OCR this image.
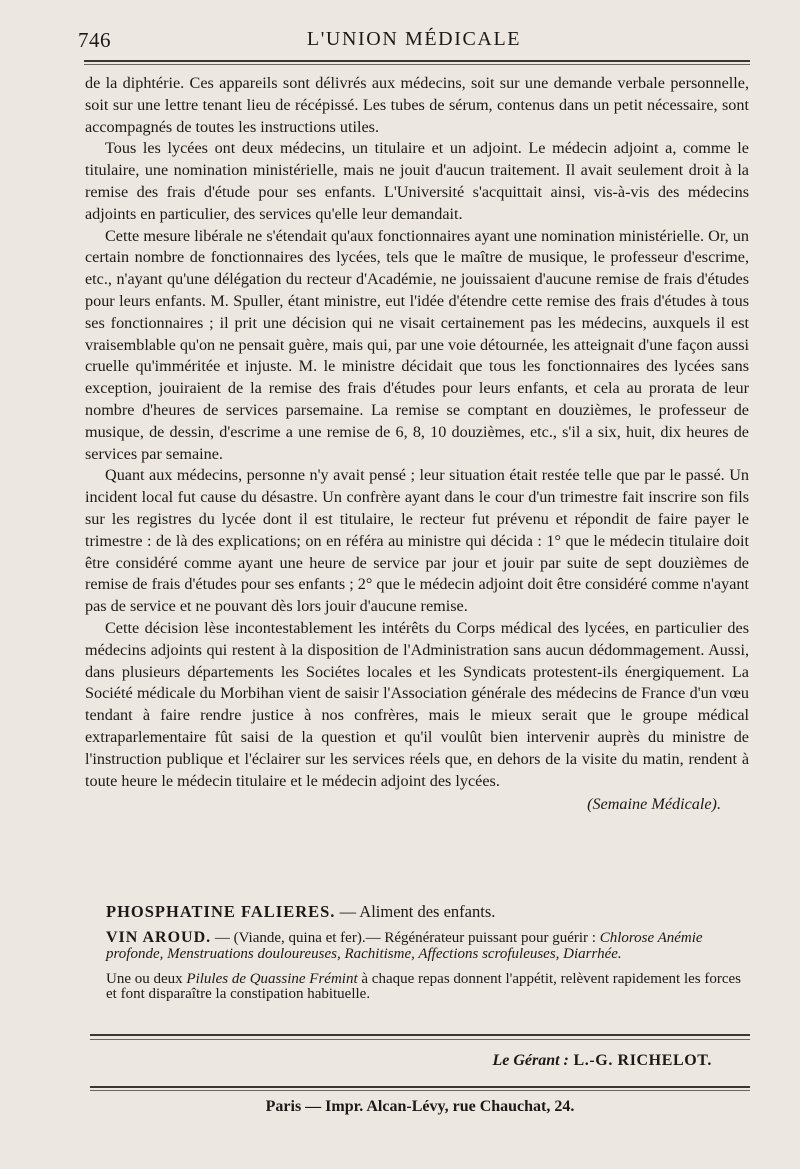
746	L'UNION MÉDICALE

de la diphtérie. Ces appareils sont délivrés aux médecins, soit sur une demande verbale personnelle, soit sur une lettre tenant lieu de récépissé. Les tubes de sérum, contenus dans un petit nécessaire, sont accompagnés de toutes les instructions utiles.

Tous les lycées ont deux médecins, un titulaire et un adjoint. Le médecin adjoint a, comme le titulaire, une nomination ministérielle, mais ne jouit d'aucun traitement. Il avait seulement droit à la remise des frais d'étude pour ses enfants. L'Université s'acquittait ainsi, vis-à-vis des médecins adjoints en particulier, des services qu'elle leur demandait.

Cette mesure libérale ne s'étendait qu'aux fonctionnaires ayant une nomination ministérielle. Or, un certain nombre de fonctionnaires des lycées, tels que le maître de musique, le professeur d'escrime, etc., n'ayant qu'une délégation du recteur d'Académie, ne jouissaient d'aucune remise de frais d'études pour leurs enfants. M. Spuller, étant ministre, eut l'idée d'étendre cette remise des frais d'études à tous ses fonctionnaires ; il prit une décision qui ne visait certainement pas les médecins, auxquels il est vraisemblable qu'on ne pensait guère, mais qui, par une voie détournée, les atteignait d'une façon aussi cruelle qu'imméritée et injuste. M. le ministre décidait que tous les fonctionnaires des lycées sans exception, jouiraient de la remise des frais d'études pour leurs enfants, et cela au prorata de leur nombre d'heures de services parsemaine. La remise se comptant en douzièmes, le professeur de musique, de dessin, d'escrime a une remise de 6, 8, 10 douzièmes, etc., s'il a six, huit, dix heures de services par semaine.

Quant aux médecins, personne n'y avait pensé ; leur situation était restée telle que par le passé. Un incident local fut cause du désastre. Un confrère ayant dans le cour d'un trimestre fait inscrire son fils sur les registres du lycée dont il est titulaire, le recteur fut prévenu et répondit de faire payer le trimestre : de là des explications; on en référa au ministre qui décida : 1° que le médecin titulaire doit être considéré comme ayant une heure de service par jour et jouir par suite de sept douzièmes de remise de frais d'études pour ses enfants ; 2° que le médecin adjoint doit être considéré comme n'ayant pas de service et ne pouvant dès lors jouir d'aucune remise.

Cette décision lèse incontestablement les intérêts du Corps médical des lycées, en particulier des médecins adjoints qui restent à la disposition de l'Administration sans aucun dédommagement. Aussi, dans plusieurs départements les Sociétes locales et les Syndicats protestent-ils énergiquement. La Société médicale du Morbihan vient de saisir l'Association générale des médecins de France d'un vœu tendant à faire rendre justice à nos confrères, mais le mieux serait que le groupe médical extraparlementaire fût saisi de la question et qu'il voulût bien intervenir auprès du ministre de l'instruction publique et l'éclairer sur les services réels que, en dehors de la visite du matin, rendent à toute heure le médecin titulaire et le médecin adjoint des lycées.

(Semaine Médicale).

PHOSPHATINE FALIERES. — Aliment des enfants.

VIN AROUD. — (Viande, quina et fer).— Régénérateur puissant pour guérir : Chlorose Anémie profonde, Menstruations douloureuses, Rachitisme, Affections scrofuleuses, Diarrhée.

Une ou deux Pilules de Quassine Frémint à chaque repas donnent l'appétit, relèvent rapidement les forces et font disparaître la constipation habituelle.

Le Gérant : L.-G. RICHELOT.
Paris — Impr. Alcan-Lévy, rue Chauchat, 24.
